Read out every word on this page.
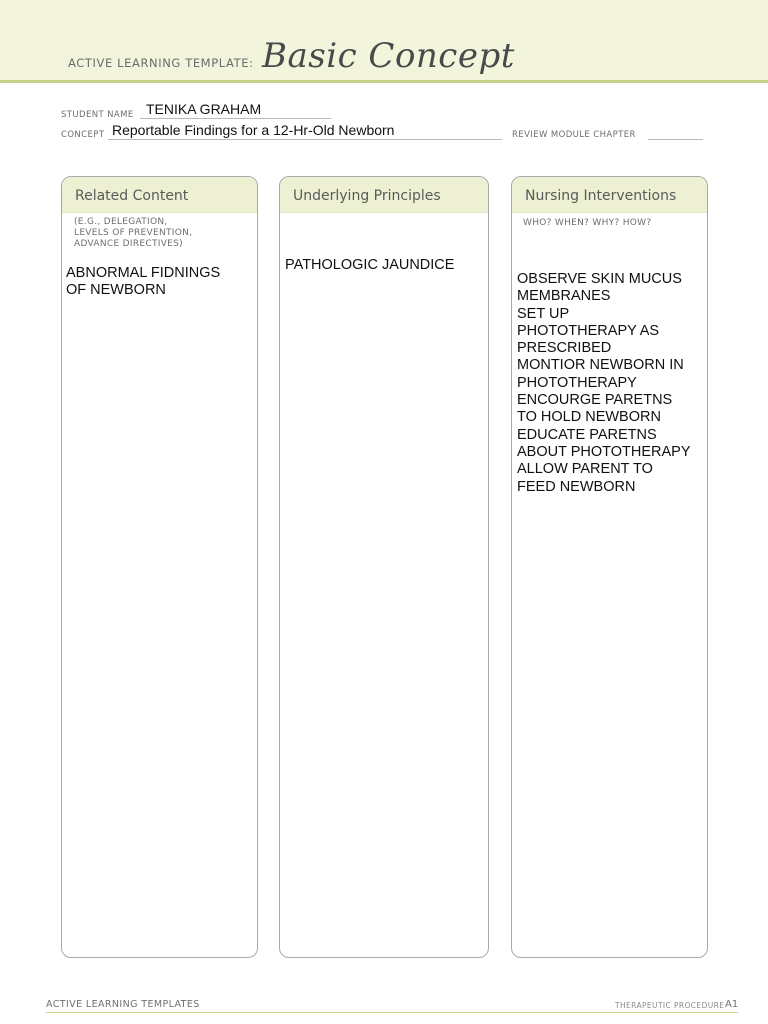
ACTIVE LEARNING TEMPLATE: Basic Concept
STUDENT NAME TENIKA GRAHAM
CONCEPT Reportable Findings for a 12-Hr-Old Newborn	REVIEW MODULE CHAPTER
Related Content
(E.G., DELEGATION,
LEVELS OF PREVENTION,
ADVANCE DIRECTIVES)
ABNORMAL FIDNINGS
OF NEWBORN
Underlying Principles
PATHOLOGIC JAUNDICE
Nursing Interventions
WHO? WHEN? WHY? HOW?
OBSERVE SKIN MUCUS
MEMBRANES
SET UP
PHOTOTHERAPY AS
PRESCRIBED
MONTIOR NEWBORN IN
PHOTOTHERAPY
ENCOURGE PARETNS
TO HOLD NEWBORN
EDUCATE PARETNS
ABOUT PHOTOTHERAPY
ALLOW PARENT TO
FEED NEWBORN
ACTIVE LEARNING TEMPLATES	THERAPEUTIC PROCEDURE A1
